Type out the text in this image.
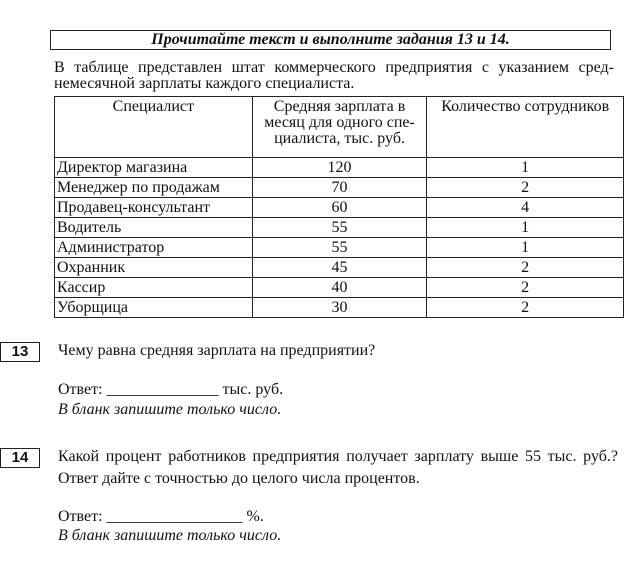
Прочитайте текст и выполните задания 13 и 14.
В таблице представлен штат коммерческого предприятия с указанием среднемесячной зарплаты каждого специалиста.
Специалист	Средняя зарплата в месяц для одного специалиста, тыс. руб.	Количество сотрудников
Директор магазина	120	1
Менеджер по продажам	70	2
Продавец-консультант	60	4
Водитель	55	1
Администратор	55	1
Охранник	45	2
Кассир	40	2
Уборщица	30	2
13	Чему равна средняя зарплата на предприятии?
Ответ: ______________ тыс. руб.
В бланк запишите только число.
14	Какой процент работников предприятия получает зарплату выше 55 тыс. руб.? Ответ дайте с точностью до целого числа процентов.
Ответ: _________________ %.
В бланк запишите только число.
